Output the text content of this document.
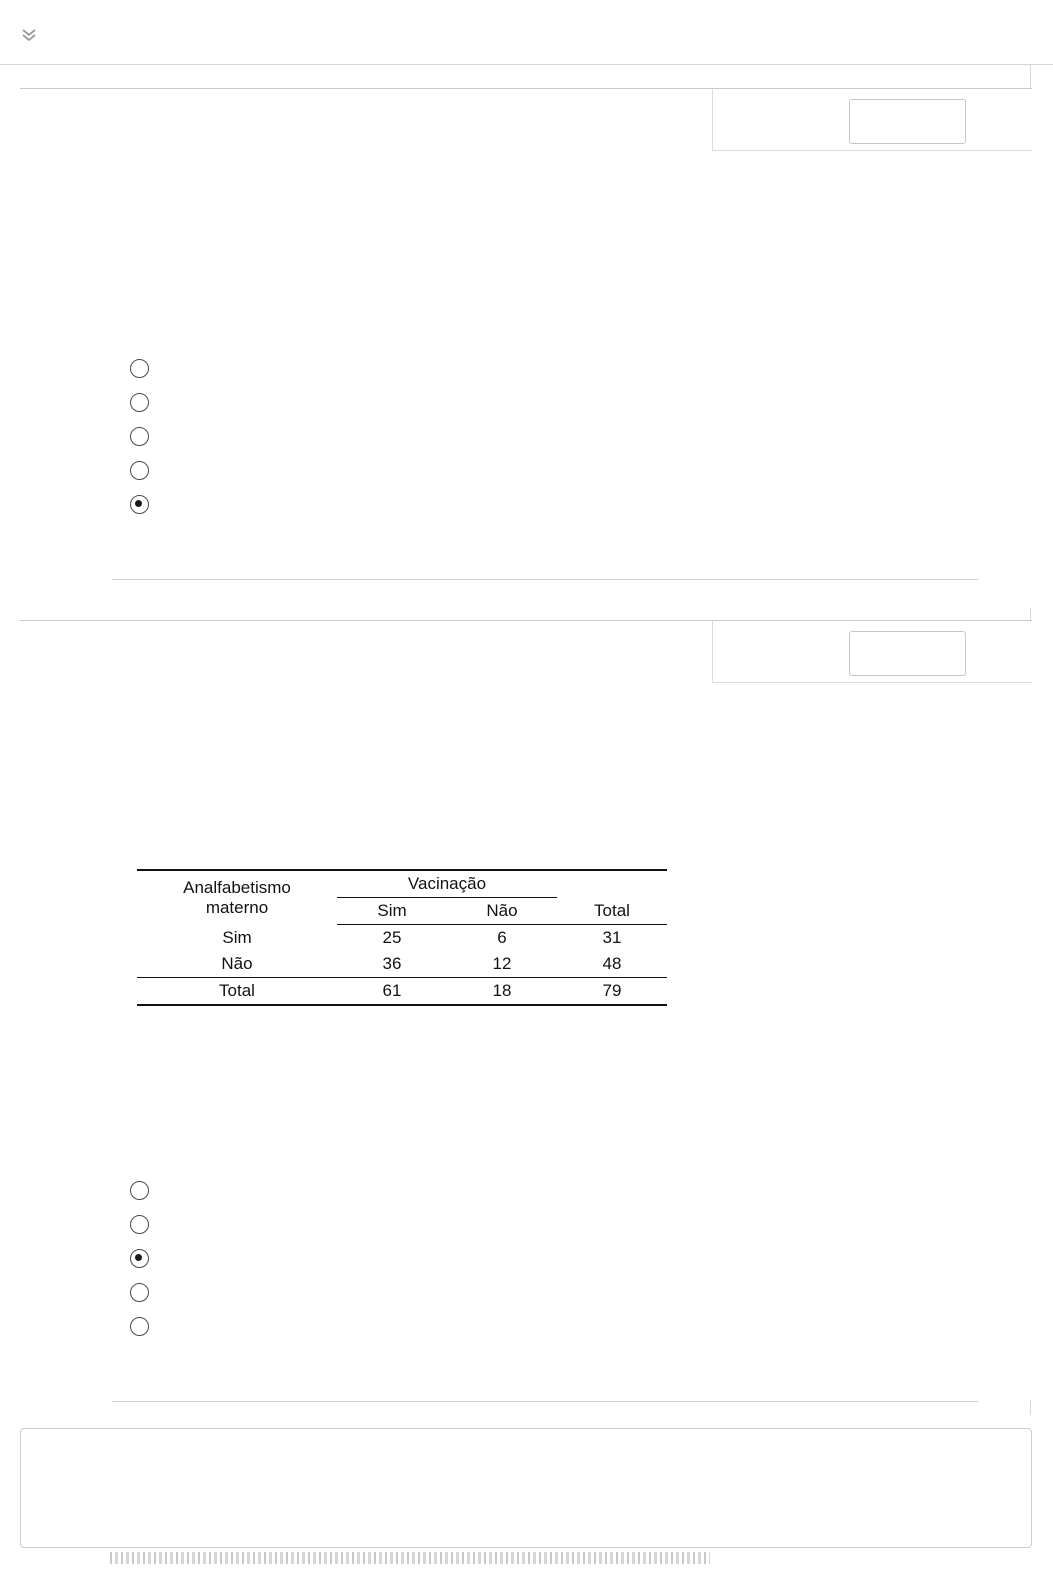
Analfabetismo
materno	Vacinação		
	Sim	Não	Total
Sim	25	6	31
Não	36	12	48
Total	61	18	79
